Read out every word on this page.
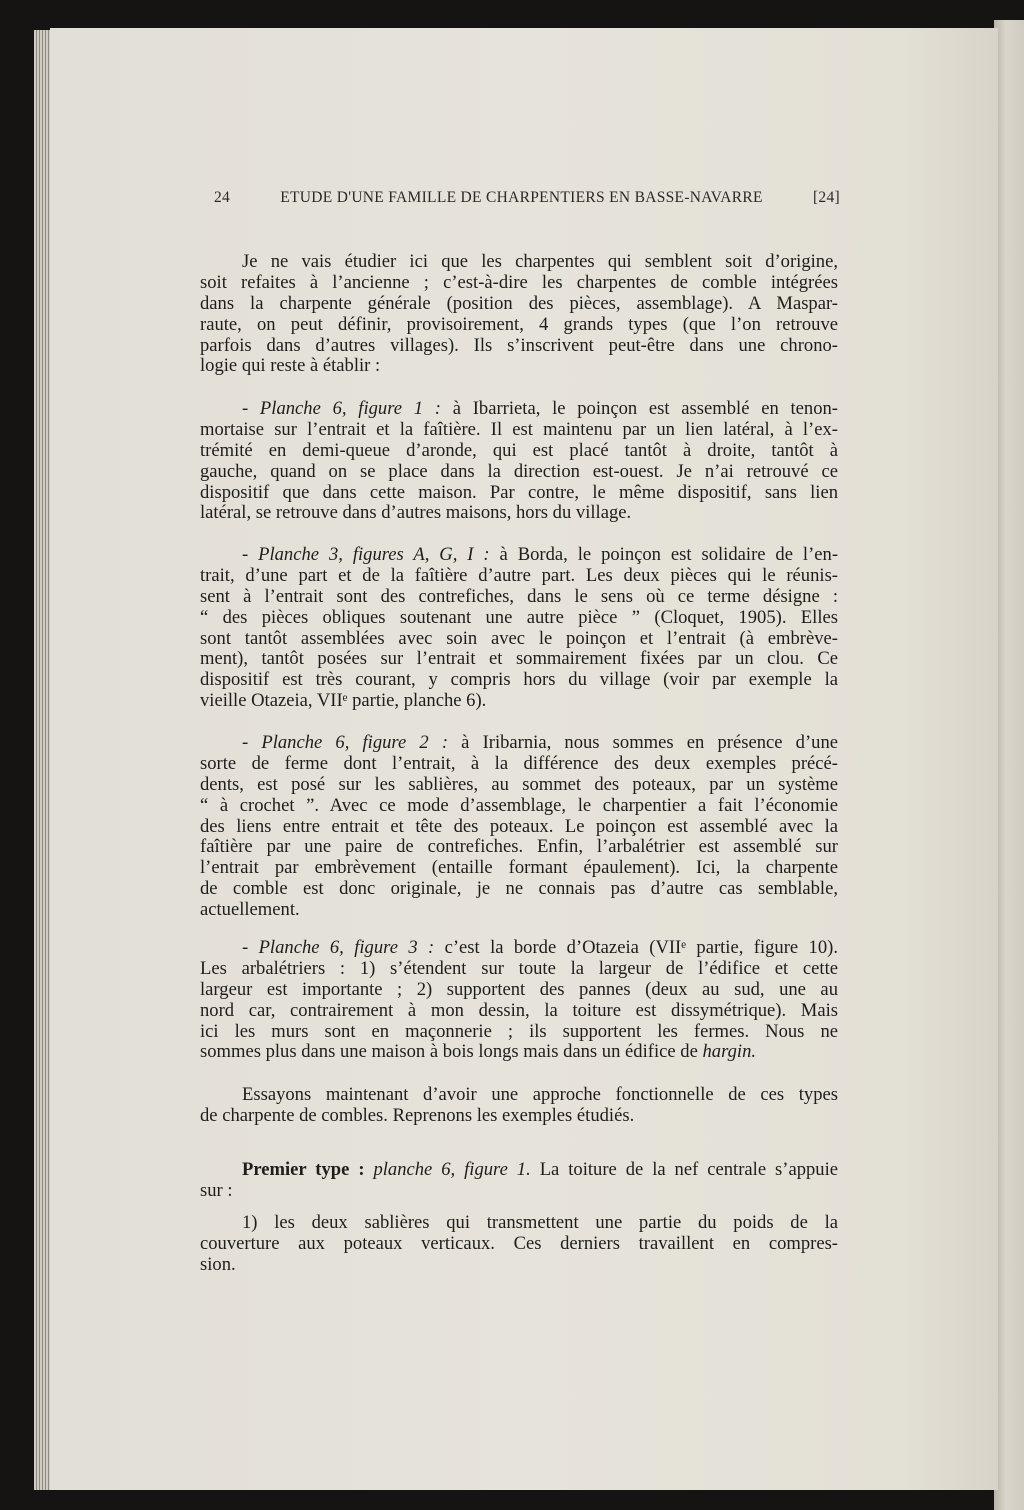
24	ETUDE D'UNE FAMILLE DE CHARPENTIERS EN BASSE-NAVARRE	[24]
Je ne vais étudier ici que les charpentes qui semblent soit d’origine,
soit refaites à l’ancienne ; c’est-à-dire les charpentes de comble intégrées
dans la charpente générale (position des pièces, assemblage). A Maspar-
raute, on peut définir, provisoirement, 4 grands types (que l’on retrouve
parfois dans d’autres villages). Ils s’inscrivent peut-être dans une chrono-
logie qui reste à établir :
- Planche 6, figure 1 : à Ibarrieta, le poinçon est assemblé en tenon-
mortaise sur l’entrait et la faîtière. Il est maintenu par un lien latéral, à l’ex-
trémité en demi-queue d’aronde, qui est placé tantôt à droite, tantôt à
gauche, quand on se place dans la direction est-ouest. Je n’ai retrouvé ce
dispositif que dans cette maison. Par contre, le même dispositif, sans lien
latéral, se retrouve dans d’autres maisons, hors du village.
- Planche 3, figures A, G, I : à Borda, le poinçon est solidaire de l’en-
trait, d’une part et de la faîtière d’autre part. Les deux pièces qui le réunis-
sent à l’entrait sont des contrefiches, dans le sens où ce terme désigne :
“ des pièces obliques soutenant une autre pièce ” (Cloquet, 1905). Elles
sont tantôt assemblées avec soin avec le poinçon et l’entrait (à embrève-
ment), tantôt posées sur l’entrait et sommairement fixées par un clou. Ce
dispositif est très courant, y compris hors du village (voir par exemple la
vieille Otazeia, VIIᵉ partie, planche 6).
- Planche 6, figure 2 : à Iribarnia, nous sommes en présence d’une
sorte de ferme dont l’entrait, à la différence des deux exemples précé-
dents, est posé sur les sablières, au sommet des poteaux, par un système
“ à crochet ”. Avec ce mode d’assemblage, le charpentier a fait l’économie
des liens entre entrait et tête des poteaux. Le poinçon est assemblé avec la
faîtière par une paire de contrefiches. Enfin, l’arbalétrier est assemblé sur
l’entrait par embrèvement (entaille formant épaulement). Ici, la charpente
de comble est donc originale, je ne connais pas d’autre cas semblable,
actuellement.
- Planche 6, figure 3 : c’est la borde d’Otazeia (VIIᵉ partie, figure 10).
Les arbalétriers : 1) s’étendent sur toute la largeur de l’édifice et cette
largeur est importante ; 2) supportent des pannes (deux au sud, une au
nord car, contrairement à mon dessin, la toiture est dissymétrique). Mais
ici les murs sont en maçonnerie ; ils supportent les fermes. Nous ne
sommes plus dans une maison à bois longs mais dans un édifice de hargin.
Essayons maintenant d’avoir une approche fonctionnelle de ces types
de charpente de combles. Reprenons les exemples étudiés.
Premier type : planche 6, figure 1. La toiture de la nef centrale s’appuie
sur :
1) les deux sablières qui transmettent une partie du poids de la
couverture aux poteaux verticaux. Ces derniers travaillent en compres-
sion.
